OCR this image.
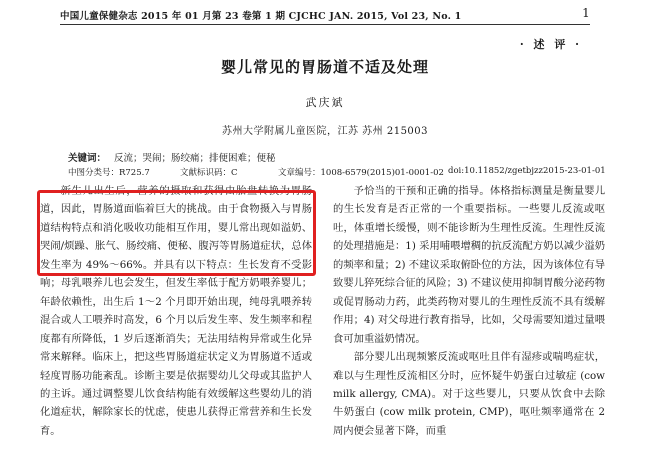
中国儿童保健杂志 2015 年 01 月第 23 卷第 1 期 CJCHC JAN. 2015, Vol 23, No. 1	1
· 述 评 ·
婴儿常见的胃肠道不适及处理
武庆斌
苏州大学附属儿童医院，江苏 苏州 215003
关键词： 反流；哭闹；肠绞痛；排便困难；便秘
中图分类号：R725.7	文献标识码：C	文章编号：1008-6579(2015)01-0001-02 doi:10.11852/zgetbjzz2015-23-01-01

新生儿出生后，营养的摄取和获得由胎盘转换为胃肠道，因此，胃肠道面临着巨大的挑战。由于食物摄入与胃肠道结构特点和消化吸收功能相互作用，婴儿常出现如溢奶、哭闹/烦躁、胀气、肠绞痛、便秘、腹泻等胃肠道症状，总体发生率为 49%～66%。并具有以下特点：生长发育不受影响；母乳喂养儿也会发生，但发生率低于配方奶喂养婴儿；年龄依赖性，出生后 1～2 个月即开始出现，纯母乳喂养转混合或人工喂养时高发，6 个月以后发生率、发生频率和程度都有所降低，1 岁后逐渐消失；无法用结构异常或生化异常来解释。临床上，把这些胃肠道症状定义为胃肠道不适或轻度胃肠功能紊乱。诊断主要是依据婴幼儿父母或其监护人的主诉。通过调整婴儿饮食结构能有效缓解这些婴幼儿的消化道症状，解除家长的忧虑，使患儿获得正常营养和生长发育。

予恰当的干预和正确的指导。体格指标测量是衡量婴儿的生长发育是否正常的一个重要指标。一些婴儿反流或呕吐，体重增长缓慢，则不能诊断为生理性反流。生理性反流的处理措施是：1) 采用哺喂增稠的抗反流配方奶以减少溢奶的频率和量；2) 不建议采取俯卧位的方法，因为该体位有导致婴儿猝死综合征的风险；3) 不建议使用抑制胃酸分泌药物或促胃肠动力药，此类药物对婴儿的生理性反流不具有缓解作用；4) 对父母进行教育指导，比如，父母需要知道过量喂食可加重溢奶情况。

部分婴儿出现频繁反流或呕吐且伴有湿疹或喘鸣症状，难以与生理性反流相区分时，应怀疑牛奶蛋白过敏症 (cow milk allergy, CMA)。对于这些婴儿，只要从饮食中去除牛奶蛋白 (cow milk protein, CMP)，呕吐频率通常在 2 周内便会显著下降，而重
